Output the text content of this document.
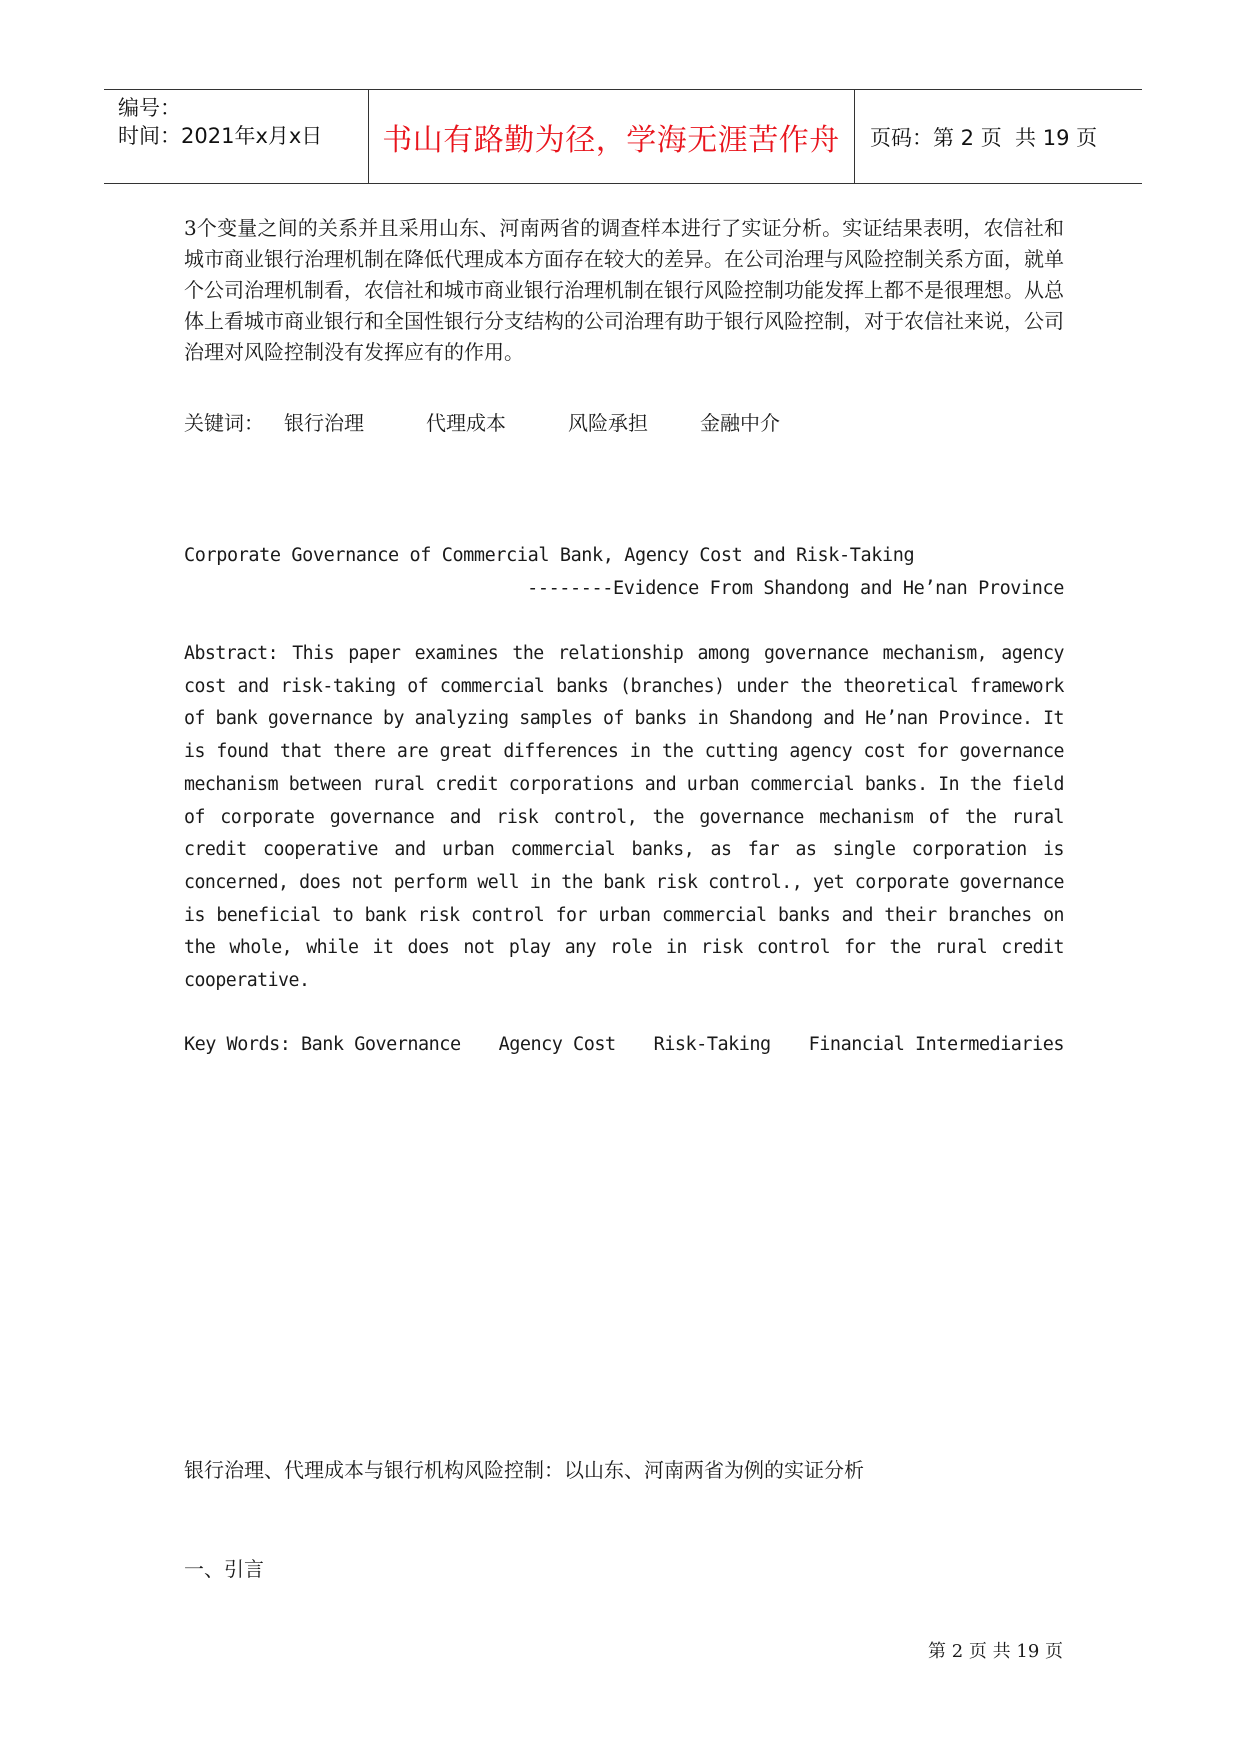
编号：
时间：2021年x月x日	书山有路勤为径，学海无涯苦作舟	页码：第 2 页  共 19 页
3个变量之间的关系并且采用山东、河南两省的调查样本进行了实证分析。实证结果表明，农信社和城市商业银行治理机制在降低代理成本方面存在较大的差异。在公司治理与风险控制关系方面，就单个公司治理机制看，农信社和城市商业银行治理机制在银行风险控制功能发挥上都不是很理想。从总体上看城市商业银行和全国性银行分支结构的公司治理有助于银行风险控制，对于农信社来说，公司治理对风险控制没有发挥应有的作用。
关键词：	银行治理	代理成本	风险承担	金融中介
Corporate Governance of Commercial Bank, Agency Cost and Risk-Taking
--------Evidence From Shandong and He’nan Province
Abstract: This paper examines the relationship among governance mechanism, agency cost and risk-taking of commercial banks (branches) under the theoretical framework of bank governance by analyzing samples of banks in Shandong and He’nan Province. It is found that there are great differences in the cutting agency cost for governance mechanism between rural credit corporations and urban commercial banks. In the field of corporate governance and risk control, the governance mechanism of the rural credit cooperative and urban commercial banks, as far as single corporation is concerned, does not perform well in the bank risk control., yet corporate governance is beneficial to bank risk control for urban commercial banks and their branches on the whole, while it does not play any role in risk control for the rural credit cooperative.
Key Words: Bank Governance Agency Cost Risk-Taking Financial Intermediaries
银行治理、代理成本与银行机构风险控制：以山东、河南两省为例的实证分析
一、引言
第 2 页 共 19 页
